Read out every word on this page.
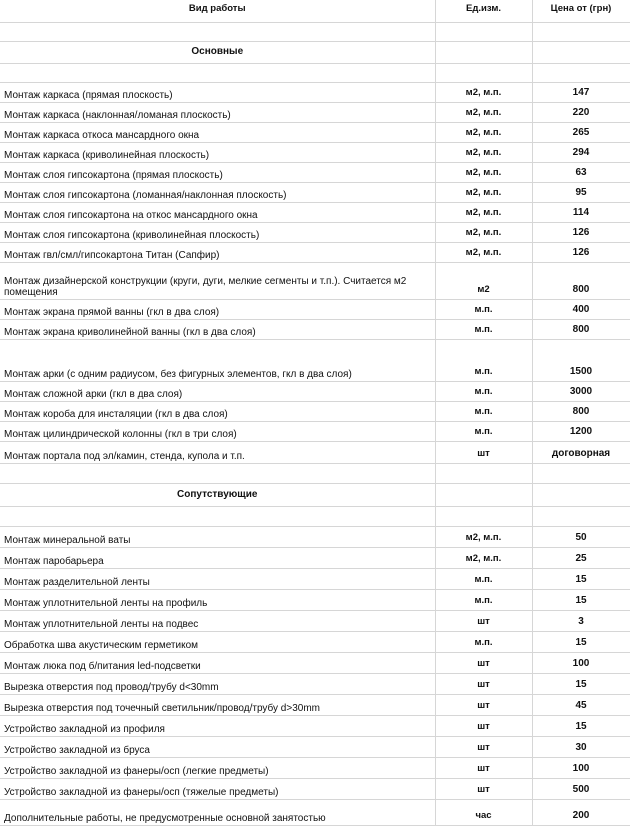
Вид работы	Ед.изм.	Цена от (грн)

Основные		

Монтаж каркаса (прямая плоскость)	м2, м.п.	147
Монтаж каркаса (наклонная/ломаная плоскость)	м2, м.п.	220
Монтаж каркаса откоса мансардного окна	м2, м.п.	265
Монтаж каркаса (криволинейная плоскость)	м2, м.п.	294
Монтаж слоя гипсокартона (прямая плоскость)	м2, м.п.	63
Монтаж слоя гипсокартона (ломанная/наклонная плоскость)	м2, м.п.	95
Монтаж слоя гипсокартона на откос мансардного окна	м2, м.п.	114
Монтаж слоя гипсокартона (криволинейная плоскость)	м2, м.п.	126
Монтаж гвл/смл/гипсокартона Титан (Сапфир)	м2, м.п.	126
Монтаж дизайнерской конструкции (круги, дуги, мелкие сегменты и т.п.). Считается м2 помещения	м2	800
Монтаж экрана прямой ванны (гкл в два слоя)	м.п.	400
Монтаж экрана криволинейной ванны (гкл в два слоя)	м.п.	800
Монтаж арки (с одним радиусом, без фигурных элементов, гкл в два слоя)	м.п.	1500
Монтаж сложной арки (гкл в два слоя)	м.п.	3000
Монтаж короба для инсталяции (гкл в два слоя)	м.п.	800
Монтаж цилиндрической колонны (гкл в три слоя)	м.п.	1200
Монтаж портала под эл/камин, стенда, купола и т.п.	шт	договорная

Сопутствующие		

Монтаж минеральной ваты	м2, м.п.	50
Монтаж паробарьера	м2, м.п.	25
Монтаж разделительной ленты	м.п.	15
Монтаж уплотнительной ленты на профиль	м.п.	15
Монтаж уплотнительной ленты на подвес	шт	3
Обработка шва акустическим герметиком	м.п.	15
Монтаж люка под б/питания led-подсветки	шт	100
Вырезка отверстия под провод/трубу d<30mm	шт	15
Вырезка отверстия под точечный светильник/провод/трубу d>30mm	шт	45
Устройство закладной из профиля	шт	15
Устройство закладной из бруса	шт	30
Устройство закладной из фанеры/осп (легкие предметы)	шт	100
Устройство закладной из фанеры/осп (тяжелые предметы)	шт	500
Дополнительные работы, не предусмотренные основной занятостью	час	200
